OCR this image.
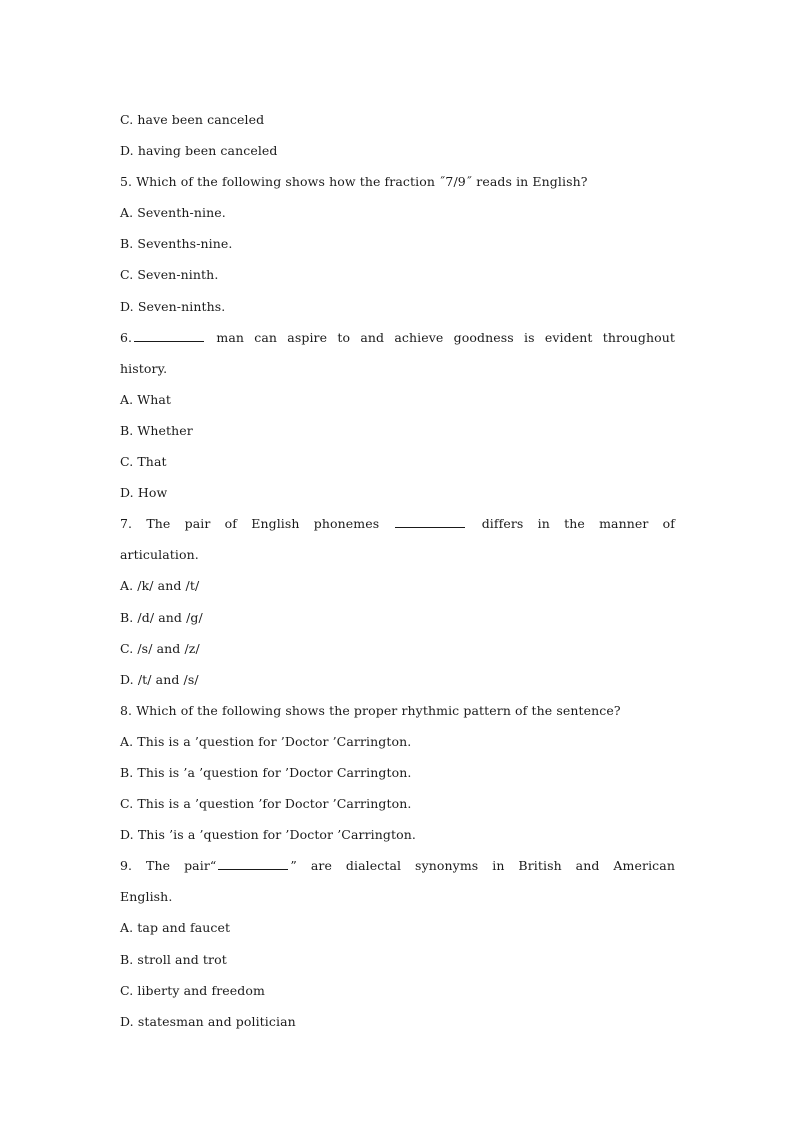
C. have been canceled
D. having been canceled
5. Which of the following shows how the fraction ˝7/9˝ reads in English?
A. Seventh-nine.
B. Sevenths-nine.
C. Seven-ninth.
D. Seven-ninths.
6.	man can aspire to and achieve goodness is evident throughout
history.
A. What
B. Whether
C. That
D. How
7. The pair of English phonemes	differs in the manner of
articulation.
A. /k/ and /t/
B. /d/ and /g/
C. /s/ and /z/
D. /t/ and /s/
8. Which of the following shows the proper rhythmic pattern of the sentence?
A. This is a ’question for ’Doctor ’Carrington.
B. This is ’a ’question for ’Doctor Carrington.
C. This is a ’question ’for Doctor ’Carrington.
D. This ’is a ’question for ’Doctor ’Carrington.
9. The pair“	” are dialectal synonyms in British and American
English.
A. tap and faucet
B. stroll and trot
C. liberty and freedom
D. statesman and politician
